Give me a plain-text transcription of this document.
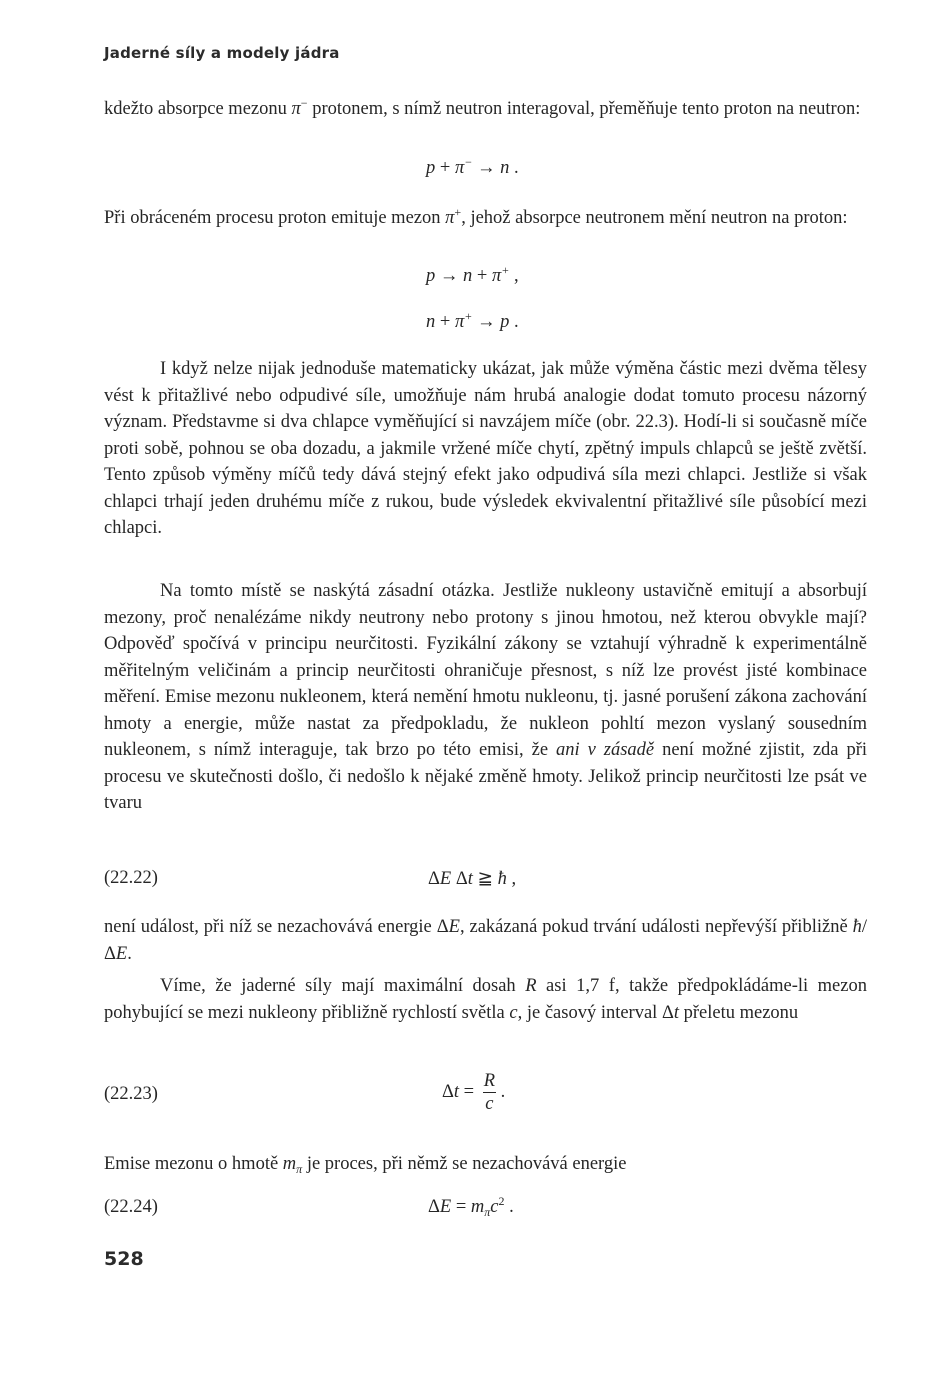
Jaderné síly a modely jádra

kdežto absorpce mezonu π− protonem, s nímž neutron interagoval, přeměňuje tento proton na neutron:

p + π− → n .

Při obráceném procesu proton emituje mezon π+, jehož absorpce neutronem mění neutron na proton:

p → n + π+ ,
n + π+ → p .

I když nelze nijak jednoduše matematicky ukázat, jak může výměna částic mezi dvěma tělesy vést k přitažlivé nebo odpudivé síle, umožňuje nám hrubá analogie dodat tomuto procesu názorný význam. Představme si dva chlapce vyměňující si navzájem míče (obr. 22.3). Hodí-li si současně míče proti sobě, pohnou se oba dozadu, a jakmile vržené míče chytí, zpětný impuls chlapců se ještě zvětší. Tento způsob výměny míčů tedy dává stejný efekt jako odpudivá síla mezi chlapci. Jestliže si však chlapci trhají jeden druhému míče z rukou, bude výsledek ekvivalentní přitažlivé síle působící mezi chlapci.

Na tomto místě se naskýtá zásadní otázka. Jestliže nukleony ustavičně emitují a absorbují mezony, proč nenalézáme nikdy neutrony nebo protony s jinou hmotou, než kterou obvykle mají? Odpověď spočívá v principu neurčitosti. Fyzikální zákony se vztahují výhradně k experimentálně měřitelným veličinám a princip neurčitosti ohraničuje přesnost, s níž lze provést jisté kombinace měření. Emise mezonu nukleonem, která nemění hmotu nukleonu, tj. jasné porušení zákona zachování hmoty a energie, může nastat za předpokladu, že nukleon pohltí mezon vyslaný sousedním nukleonem, s nímž interaguje, tak brzo po této emisi, že ani v zásadě není možné zjistit, zda při procesu ve skutečnosti došlo, či nedošlo k nějaké změně hmoty. Jelikož princip neurčitosti lze psát ve tvaru

(22.22)	ΔE Δt ≧ ħ ,

není událost, při níž se nezachovává energie ΔE, zakázaná pokud trvání události nepřevýší přibližně ħ/ΔE.

Víme, že jaderné síly mají maximální dosah R asi 1,7 f, takže předpokládáme-li mezon pohybující se mezi nukleony přibližně rychlostí světla c, je časový interval Δt přeletu mezonu

(22.23)	$\Delta t = \frac{R}{c}$ .

Emise mezonu o hmotě $m_\pi$ je proces, při němž se nezachovává energie

(22.24)	$\Delta E = m_\pi c^2$ .
528
